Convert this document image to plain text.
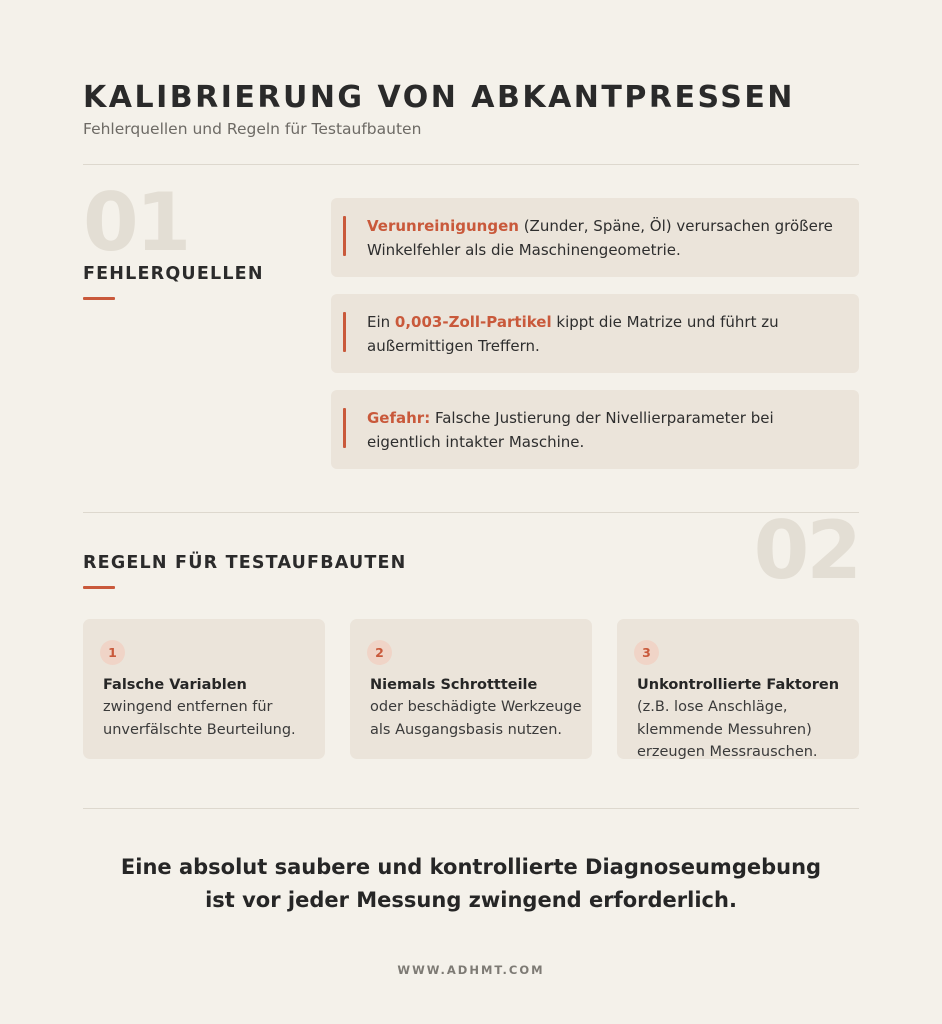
KALIBRIERUNG VON ABKANTPRESSEN
Fehlerquellen und Regeln für Testaufbauten
01
FEHLERQUELLEN
Verunreinigungen (Zunder, Späne, Öl) verursachen größere Winkelfehler als die Maschinengeometrie.
Ein 0,003-Zoll-Partikel kippt die Matrize und führt zu außermittigen Treffern.
Gefahr: Falsche Justierung der Nivellierparameter bei eigentlich intakter Maschine.
02
REGELN FÜR TESTAUFBAUTEN
1
Falsche Variablen
zwingend entfernen für unverfälschte Beurteilung.
2
Niemals Schrottteile
oder beschädigte Werkzeuge als Ausgangsbasis nutzen.
3
Unkontrollierte Faktoren
(z.B. lose Anschläge, klemmende Messuhren) erzeugen Messrauschen.
Eine absolut saubere und kontrollierte Diagnoseumgebung
ist vor jeder Messung zwingend erforderlich.
WWW.ADHMT.COM
